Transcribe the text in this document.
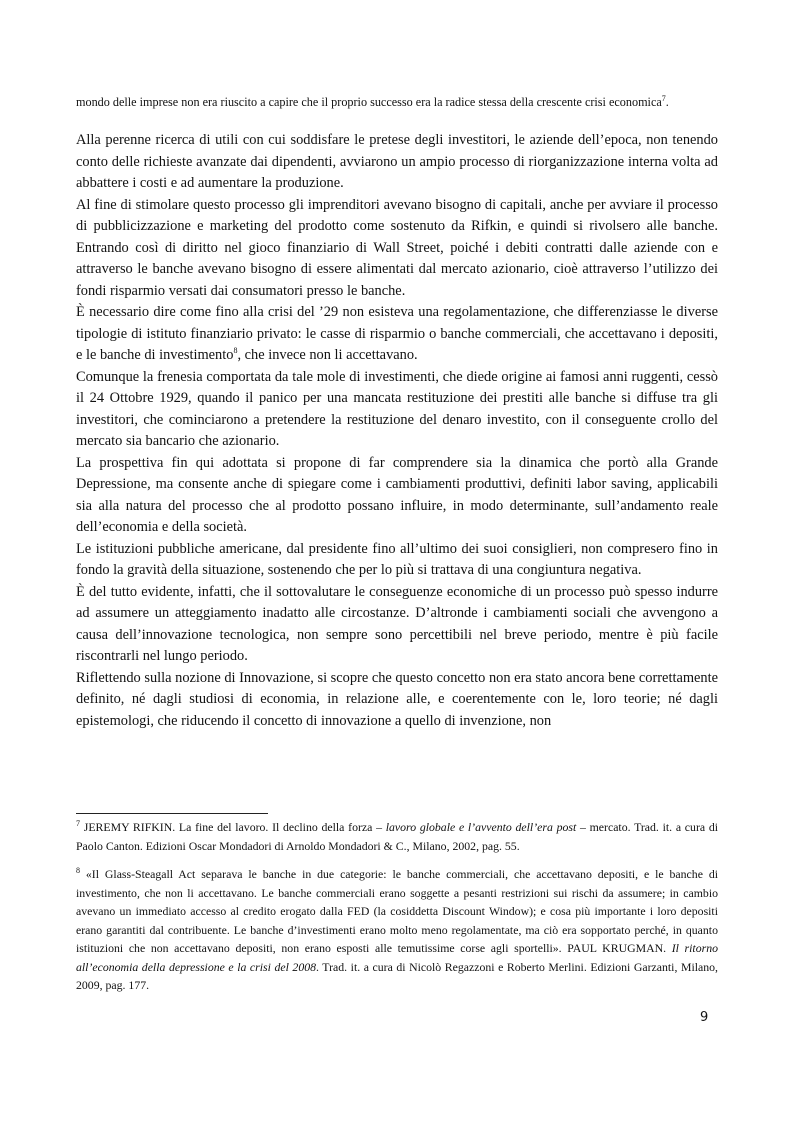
mondo delle imprese non era riuscito a capire che il proprio successo era la radice stessa della crescente crisi economica$^7$.

Alla perenne ricerca di utili con cui soddisfare le pretese degli investitori, le aziende dell’epoca, non tenendo conto delle richieste avanzate dai dipendenti, avviarono un ampio processo di riorganizzazione interna volta ad abbattere i costi e ad aumentare la produzione.

Al fine di stimolare questo processo gli imprenditori avevano bisogno di capitali, anche per avviare il processo di pubblicizzazione e marketing del prodotto come sostenuto da Rifkin, e quindi si rivolsero alle banche. Entrando così di diritto nel gioco finanziario di Wall Street, poiché i debiti contratti dalle aziende con e attraverso le banche avevano bisogno di essere alimentati dal mercato azionario, cioè attraverso l’utilizzo dei fondi risparmio versati dai consumatori presso le banche.

È necessario dire come fino alla crisi del ’29 non esisteva una regolamentazione, che differenziasse le diverse tipologie di istituto finanziario privato: le casse di risparmio o banche commerciali, che accettavano i depositi, e le banche di investimento$^8$, che invece non li accettavano.

Comunque la frenesia comportata da tale mole di investimenti, che diede origine ai famosi anni ruggenti, cessò il 24 Ottobre 1929, quando il panico per una mancata restituzione dei prestiti alle banche si diffuse tra gli investitori, che cominciarono a pretendere la restituzione del denaro investito, con il conseguente crollo del mercato sia bancario che azionario.

La prospettiva fin qui adottata si propone di far comprendere sia la dinamica che portò alla Grande Depressione, ma consente anche di spiegare come i cambiamenti produttivi, definiti labor saving, applicabili sia alla natura del processo che al prodotto possano influire, in modo determinante, sull’andamento reale dell’economia e della società.

Le istituzioni pubbliche americane, dal presidente fino all’ultimo dei suoi consiglieri, non compresero fino in fondo la gravità della situazione, sostenendo che per lo più si trattava di una congiuntura negativa.

È del tutto evidente, infatti, che il sottovalutare le conseguenze economiche di un processo può spesso indurre ad assumere un atteggiamento inadatto alle circostanze. D’altronde i cambiamenti sociali che avvengono a causa dell’innovazione tecnologica, non sempre sono percettibili nel breve periodo, mentre è più facile riscontrarli nel lungo periodo.

Riflettendo sulla nozione di Innovazione, si scopre che questo concetto non era stato ancora bene correttamente definito, né dagli studiosi di economia, in relazione alle, e coerentemente con le, loro teorie; né dagli epistemologi, che riducendo il concetto di innovazione a quello di invenzione, non

$^7$ JEREMY RIFKIN. La fine del lavoro. Il declino della forza – lavoro globale e l’avvento dell’era post – mercato. Trad. it. a cura di Paolo Canton. Edizioni Oscar Mondadori di Arnoldo Mondadori & C., Milano, 2002, pag. 55.

$^8$ «Il Glass-Steagall Act separava le banche in due categorie: le banche commerciali, che accettavano depositi, e le banche di investimento, che non li accettavano. Le banche commerciali erano soggette a pesanti restrizioni sui rischi da assumere; in cambio avevano un immediato accesso al credito erogato dalla FED (la cosiddetta Discount Window); e cosa più importante i loro depositi erano garantiti dal contribuente. Le banche d’investimenti erano molto meno regolamentate, ma ciò era sopportato perché, in quanto istituzioni che non accettavano depositi, non erano esposti alle temutissime corse agli sportelli». PAUL KRUGMAN. Il ritorno all’economia della depressione e la crisi del 2008. Trad. it. a cura di Nicolò Regazzoni e Roberto Merlini. Edizioni Garzanti, Milano, 2009, pag. 177.

9
